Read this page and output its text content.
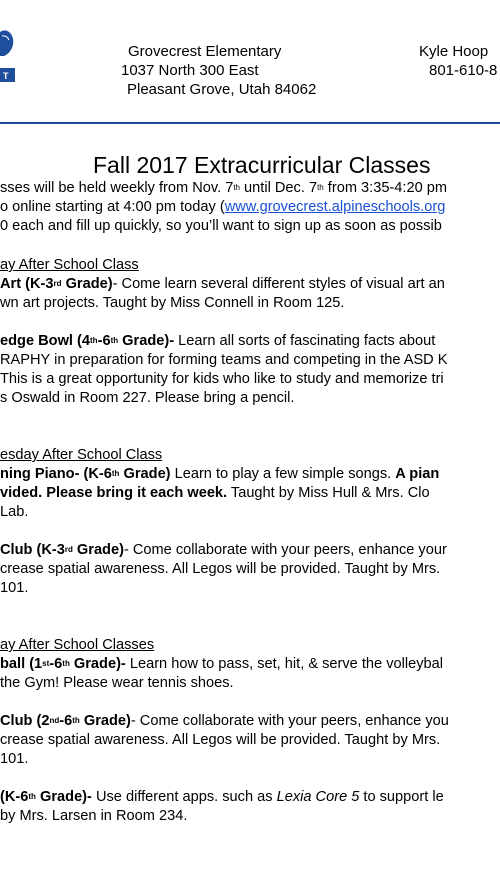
T
Grovecrest Elementary
1037 North 300 East
Pleasant Grove, Utah 84062
Kyle Hoop
801-610-8
Fall 2017 Extracurricular Classes
sses will be held weekly from Nov. 7th until Dec. 7th from 3:35-4:20 pm
o online starting at 4:00 pm today (www.grovecrest.alpineschools.org
0 each and fill up quickly, so you’ll want to sign up as soon as possib
ay After School Class
Art (K-3rd Grade)- Come learn several different styles of visual art an
wn art projects. Taught by Miss Connell in Room 125.
edge Bowl (4th-6th Grade)- Learn all sorts of fascinating facts about
RAPHY in preparation for forming teams and competing in the ASD K
This is a great opportunity for kids who like to study and memorize tri
s Oswald in Room 227. Please bring a pencil.
esday After School Class
ning Piano- (K-6th Grade) Learn to play a few simple songs. A pian
vided. Please bring it each week. Taught by Miss Hull & Mrs. Clo
Lab.
Club (K-3rd Grade)- Come collaborate with your peers, enhance your
crease spatial awareness. All Legos will be provided. Taught by Mrs.
101.
ay After School Classes
ball (1st-6th Grade)- Learn how to pass, set, hit, & serve the volleybal
the Gym! Please wear tennis shoes.
Club (2nd-6th Grade)- Come collaborate with your peers, enhance you
crease spatial awareness. All Legos will be provided. Taught by Mrs.
101.
(K-6th Grade)- Use different apps. such as Lexia Core 5 to support le
by Mrs. Larsen in Room 234.
